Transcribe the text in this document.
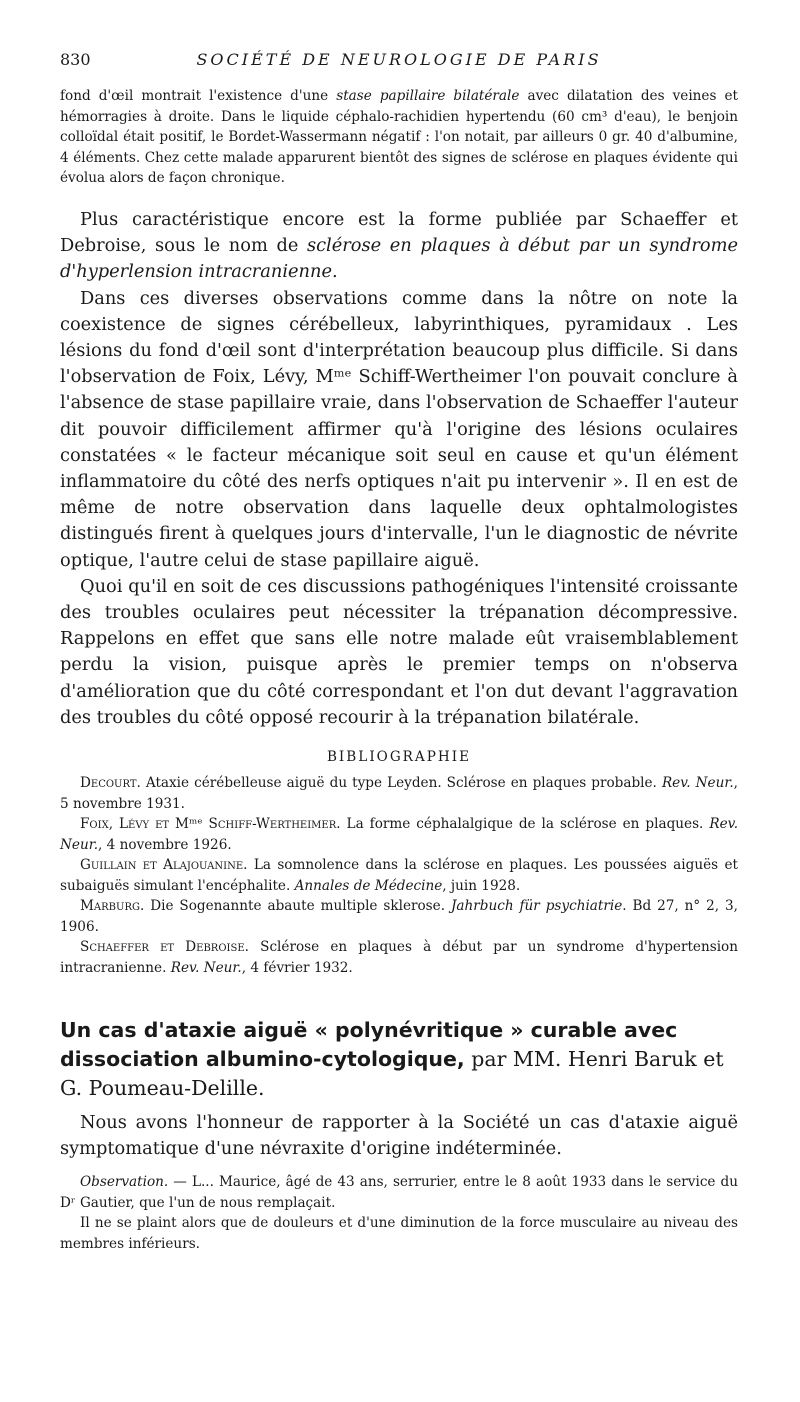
830	SOCIÉTÉ DE NEUROLOGIE DE PARIS

fond d'œil montrait l'existence d'une stase papillaire bilatérale avec dilatation des veines et hémorragies à droite. Dans le liquide céphalo-rachidien hypertendu (60 cm³ d'eau), le benjoin colloïdal était positif, le Bordet-Wassermann négatif : l'on notait, par ailleurs 0 gr. 40 d'albumine, 4 éléments. Chez cette malade apparurent bientôt des signes de sclérose en plaques évidente qui évolua alors de façon chronique.

Plus caractéristique encore est la forme publiée par Schaeffer et Debroise, sous le nom de sclérose en plaques à début par un syndrome d'hyperlension intracranienne.

Dans ces diverses observations comme dans la nôtre on note la coexistence de signes cérébelleux, labyrinthiques, pyramidaux . Les lésions du fond d'œil sont d'interprétation beaucoup plus difficile. Si dans l'observation de Foix, Lévy, Mᵐᵉ Schiff-Wertheimer l'on pouvait conclure à l'absence de stase papillaire vraie, dans l'observation de Schaeffer l'auteur dit pouvoir difficilement affirmer qu'à l'origine des lésions oculaires constatées « le facteur mécanique soit seul en cause et qu'un élément inflammatoire du côté des nerfs optiques n'ait pu intervenir ». Il en est de même de notre observation dans laquelle deux ophtalmologistes distingués firent à quelques jours d'intervalle, l'un le diagnostic de névrite optique, l'autre celui de stase papillaire aiguë.

Quoi qu'il en soit de ces discussions pathogéniques l'intensité croissante des troubles oculaires peut nécessiter la trépanation décompressive. Rappelons en effet que sans elle notre malade eût vraisemblablement perdu la vision, puisque après le premier temps on n'observa d'amélioration que du côté correspondant et l'on dut devant l'aggravation des troubles du côté opposé recourir à la trépanation bilatérale.

BIBLIOGRAPHIE

Decourt. Ataxie cérébelleuse aiguë du type Leyden. Sclérose en plaques probable. Rev. Neur., 5 novembre 1931.

Foix, Lévy et Mᵐᵉ Schiff-Wertheimer. La forme céphalalgique de la sclérose en plaques. Rev. Neur., 4 novembre 1926.

Guillain et Alajouanine. La somnolence dans la sclérose en plaques. Les poussées aiguës et subaiguës simulant l'encéphalite. Annales de Médecine, juin 1928.

Marburg. Die Sogenannte abaute multiple sklerose. Jahrbuch für psychiatrie. Bd 27, n° 2, 3, 1906.

Schaeffer et Debroise. Sclérose en plaques à début par un syndrome d'hypertension intracranienne. Rev. Neur., 4 février 1932.

Un cas d'ataxie aiguë « polynévritique » curable avec dissociation albumino-cytologique, par MM. Henri Baruk et G. Poumeau-Delille.

Nous avons l'honneur de rapporter à la Société un cas d'ataxie aiguë symptomatique d'une névraxite d'origine indéterminée.

Observation. — L... Maurice, âgé de 43 ans, serrurier, entre le 8 août 1933 dans le service du Dʳ Gautier, que l'un de nous remplaçait.

Il ne se plaint alors que de douleurs et d'une diminution de la force musculaire au niveau des membres inférieurs.
